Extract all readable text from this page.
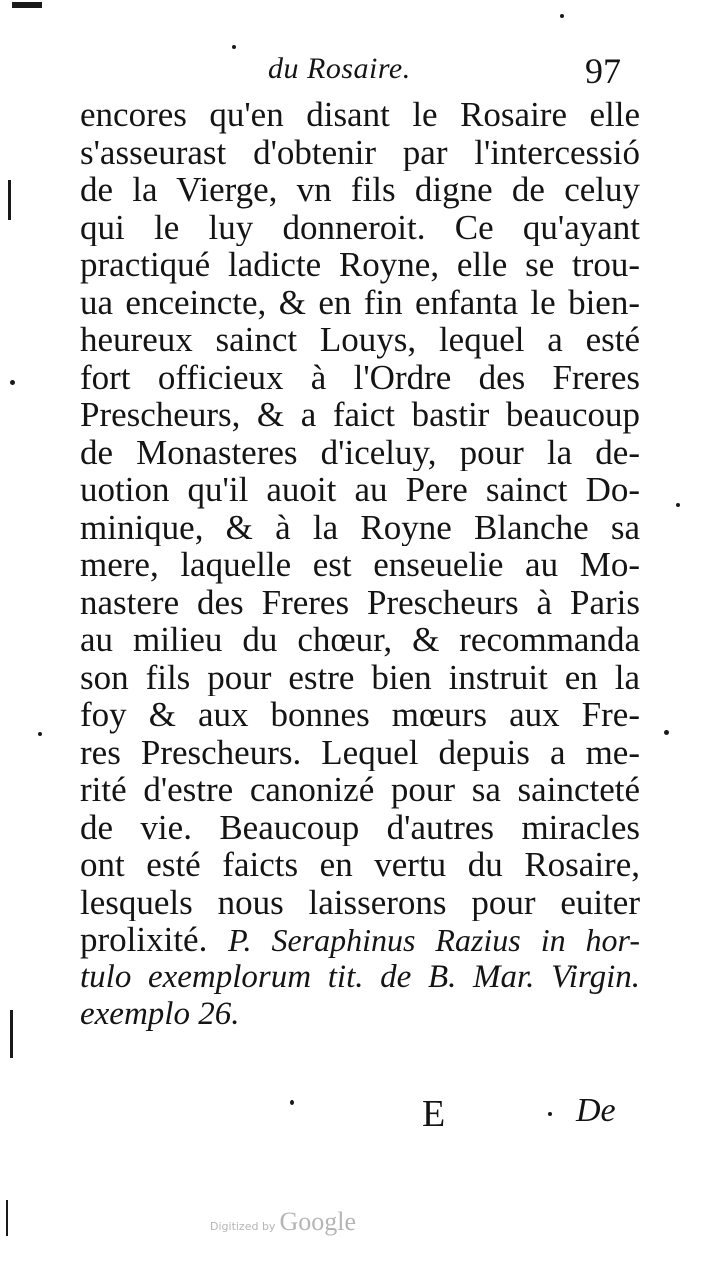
du Rosaire.	97
encores qu'en disant le Rosaire elle
s'asseurast d'obtenir par l'intercessió
de la Vierge, vn fils digne de celuy
qui le luy donneroit. Ce qu'ayant
practiqué ladicte Royne, elle se trou-
ua enceincte, & en fin enfanta le bien-
heureux sainct Louys, lequel a esté
fort officieux à l'Ordre des Freres
Prescheurs, & a faict bastir beaucoup
de Monasteres d'iceluy, pour la de-
uotion qu'il auoit au Pere sainct Do-
minique, & à la Royne Blanche sa
mere, laquelle est enseuelie au Mo-
nastere des Freres Prescheurs à Paris
au milieu du chœur, & recommanda
son fils pour estre bien instruit en la
foy & aux bonnes mœurs aux Fre-
res Prescheurs. Lequel depuis a me-
rité d'estre canonizé pour sa saincteté
de vie. Beaucoup d'autres miracles
ont esté faicts en vertu du Rosaire,
lesquels nous laisserons pour euiter
prolixité. P. Seraphinus Razius in hor-
tulo exemplorum tit. de B. Mar. Virgin.
exemplo 26.
E	De
Digitized by Google
